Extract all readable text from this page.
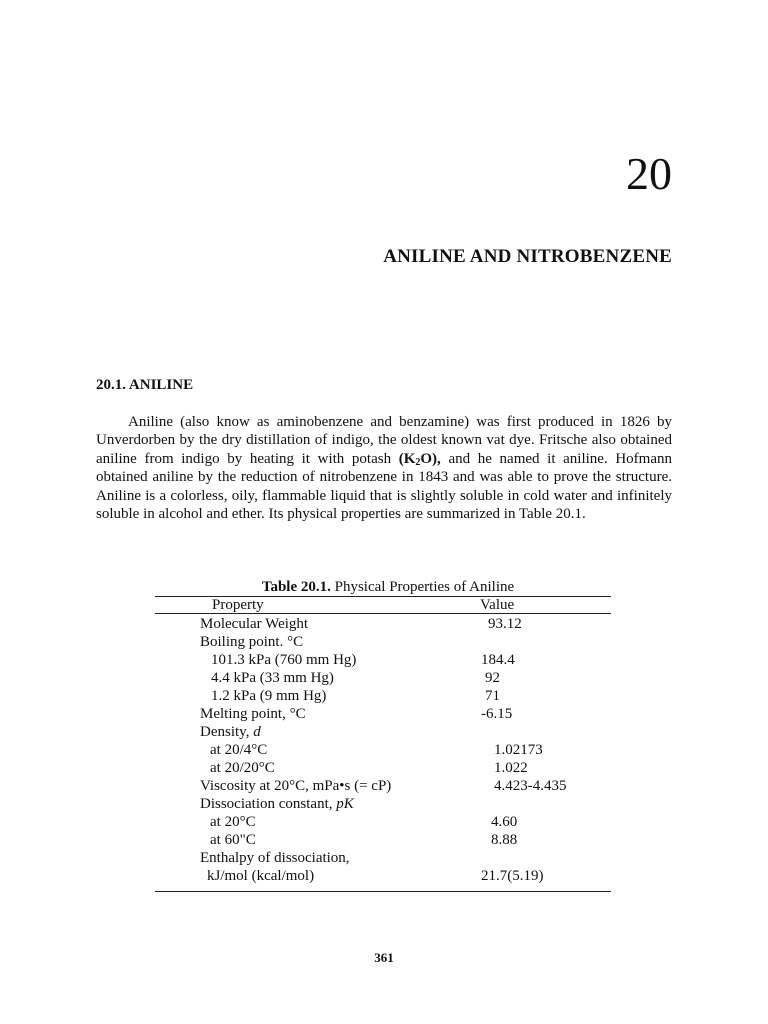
20
ANILINE AND NITROBENZENE
20.1. ANILINE

Aniline (also know as aminobenzene and benzamine) was first produced in 1826 by Unverdorben by the dry distillation of indigo, the oldest known vat dye. Fritsche also obtained aniline from indigo by heating it with potash $(K_2O)$, and he named it aniline. Hofmann obtained aniline by the reduction of nitrobenzene in 1843 and was able to prove the structure. Aniline is a colorless, oily, flammable liquid that is slightly soluble in cold water and infinitely soluble in alcohol and ether. Its physical properties are summarized in Table 20.1.

Table 20.1. Physical Properties of Aniline
Property	Value
Molecular Weight	93.12
Boiling point. °C
101.3 kPa (760 mm Hg)	184.4
4.4 kPa (33 mm Hg)	92
1.2 kPa (9 mm Hg)	71
Melting point, °C	-6.15
Density, d
at 20/4°C	1.02173
at 20/20°C	1.022
Viscosity at 20°C, mPa•s (= cP)	4.423-4.435
Dissociation constant, pK
at 20°C	4.60
at 60"C	8.88
Enthalpy of dissociation,
kJ/mol (kcal/mol)	21.7(5.19)
361
